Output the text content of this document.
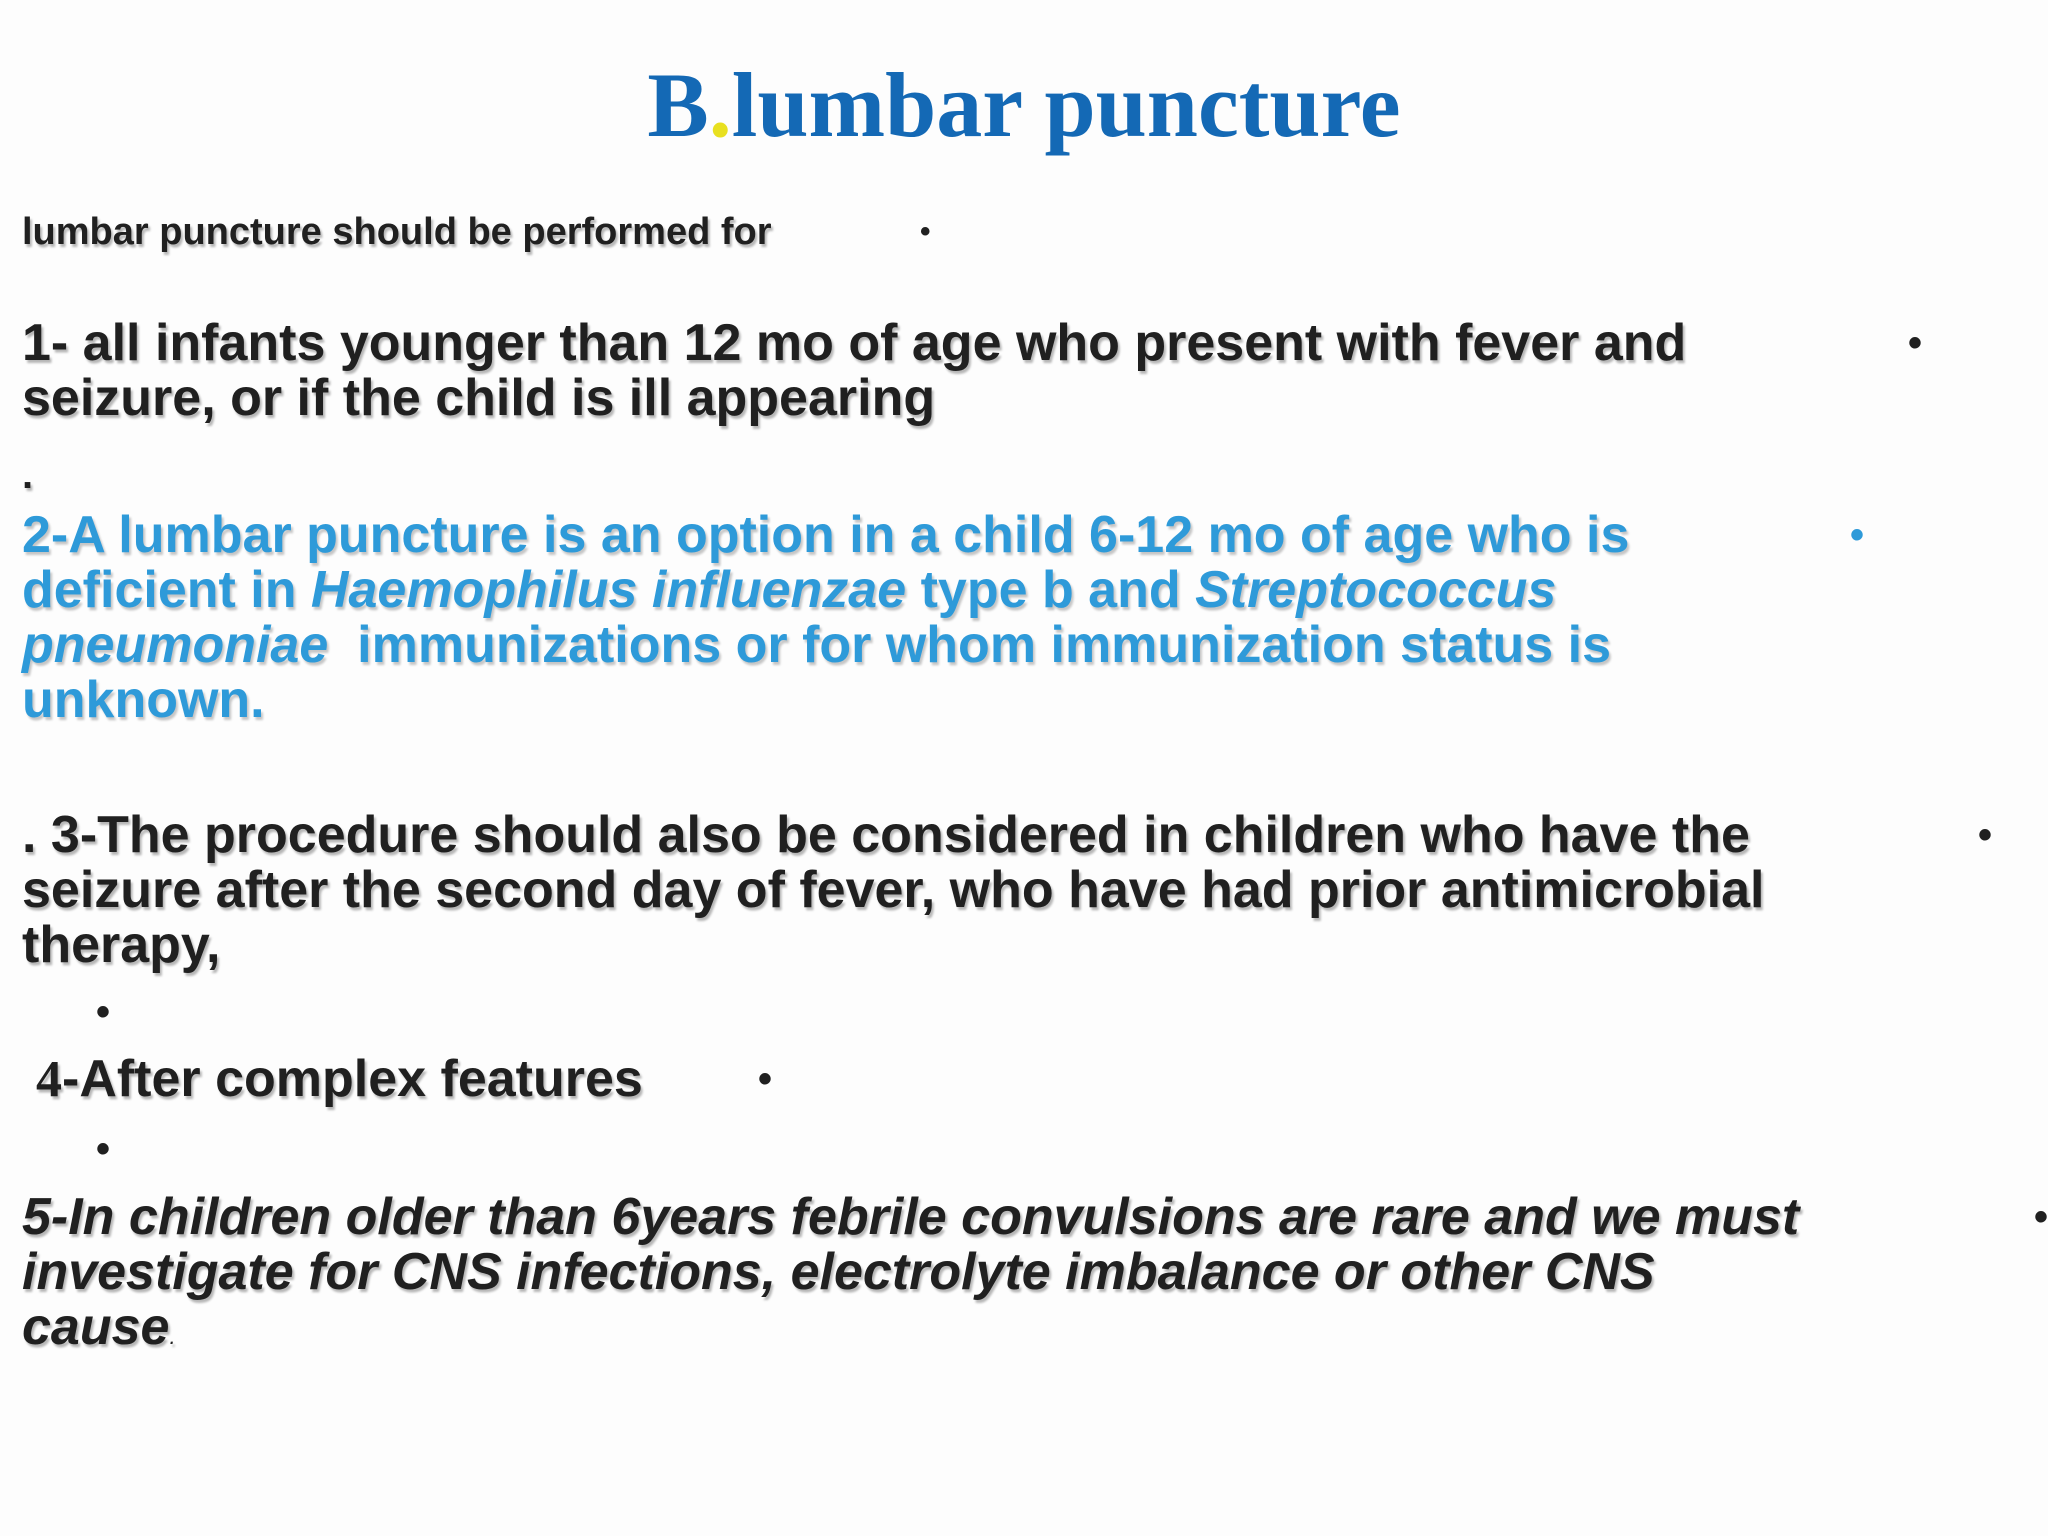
B.lumbar puncture
lumbar puncture should be performed for	•
1- all infants younger than 12 mo of age who present with fever and
seizure, or if the child is ill appearing
•
.
2-A lumbar puncture is an option in a child 6-12 mo of age who is
deficient in Haemophilus influenzae type b and Streptococcus
pneumoniae  immunizations or for whom immunization status is
unknown.
•
. 3-The procedure should also be considered in children who have the
seizure after the second day of fever, who have had prior antimicrobial
therapy,
•
•
4-After complex features	•
•
5-In children older than 6years febrile convulsions are rare and we must
investigate for CNS infections, electrolyte imbalance or other CNS
cause.
•
